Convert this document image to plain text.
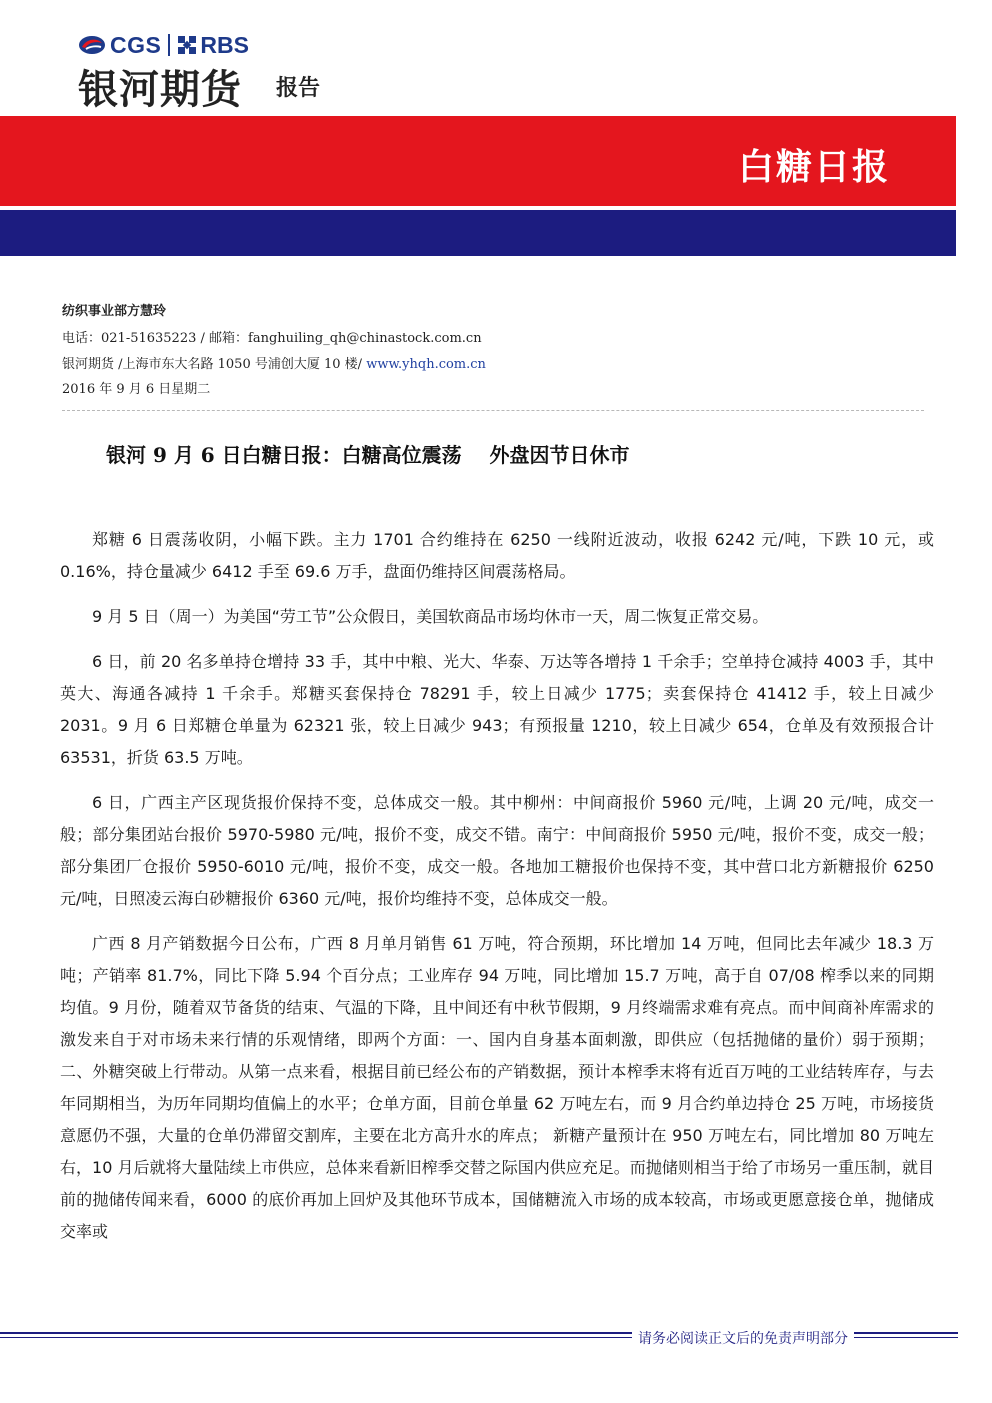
CGS RBS
银河期货 报告
白糖日报
纺织事业部方慧玲
电话：021-51635223 / 邮箱：fanghuiling_qh@chinastock.com.cn
银河期货 /上海市东大名路 1050 号浦创大厦 10 楼/ www.yhqh.com.cn
2016 年 9 月 6 日星期二
银河 9 月 6 日白糖日报：白糖高位震荡    外盘因节日休市

郑糖 6 日震荡收阴，小幅下跌。主力 1701 合约维持在 6250 一线附近波动，收报 6242 元/吨，下跌 10 元，或 0.16%，持仓量减少 6412 手至 69.6 万手，盘面仍维持区间震荡格局。

9 月 5 日（周一）为美国“劳工节”公众假日，美国软商品市场均休市一天，周二恢复正常交易。

6 日，前 20 名多单持仓增持 33 手，其中中粮、光大、华泰、万达等各增持 1 千余手；空单持仓减持 4003 手，其中英大、海通各减持 1 千余手。郑糖买套保持仓 78291 手，较上日减少 1775；卖套保持仓 41412 手，较上日减少 2031。9 月 6 日郑糖仓单量为 62321 张，较上日减少 943；有预报量 1210，较上日减少 654，仓单及有效预报合计 63531，折货 63.5 万吨。

6 日，广西主产区现货报价保持不变，总体成交一般。其中柳州：中间商报价 5960 元/吨，上调 20 元/吨，成交一般；部分集团站台报价 5970-5980 元/吨，报价不变，成交不错。南宁：中间商报价 5950 元/吨，报价不变，成交一般；部分集团厂仓报价 5950-6010 元/吨，报价不变，成交一般。各地加工糖报价也保持不变，其中营口北方新糖报价 6250 元/吨，日照凌云海白砂糖报价 6360 元/吨，报价均维持不变，总体成交一般。

广西 8 月产销数据今日公布，广西 8 月单月销售 61 万吨，符合预期，环比增加 14 万吨，但同比去年减少 18.3 万吨；产销率 81.7%，同比下降 5.94 个百分点；工业库存 94 万吨，同比增加 15.7 万吨，高于自 07/08 榨季以来的同期均值。9 月份，随着双节备货的结束、气温的下降，且中间还有中秋节假期，9 月终端需求难有亮点。而中间商补库需求的激发来自于对市场未来行情的乐观情绪，即两个方面：一、国内自身基本面刺激，即供应（包括抛储的量价）弱于预期；二、外糖突破上行带动。从第一点来看，根据目前已经公布的产销数据，预计本榨季末将有近百万吨的工业结转库存，与去年同期相当，为历年同期均值偏上的水平；仓单方面，目前仓单量 62 万吨左右，而 9 月合约单边持仓 25 万吨，市场接货意愿仍不强，大量的仓单仍滞留交割库，主要在北方高升水的库点； 新糖产量预计在 950 万吨左右，同比增加 80 万吨左右，10 月后就将大量陆续上市供应，总体来看新旧榨季交替之际国内供应充足。而抛储则相当于给了市场另一重压制，就目前的抛储传闻来看，6000 的底价再加上回炉及其他环节成本，国储糖流入市场的成本较高，市场或更愿意接仓单，抛储成交率或

请务必阅读正文后的免责声明部分
